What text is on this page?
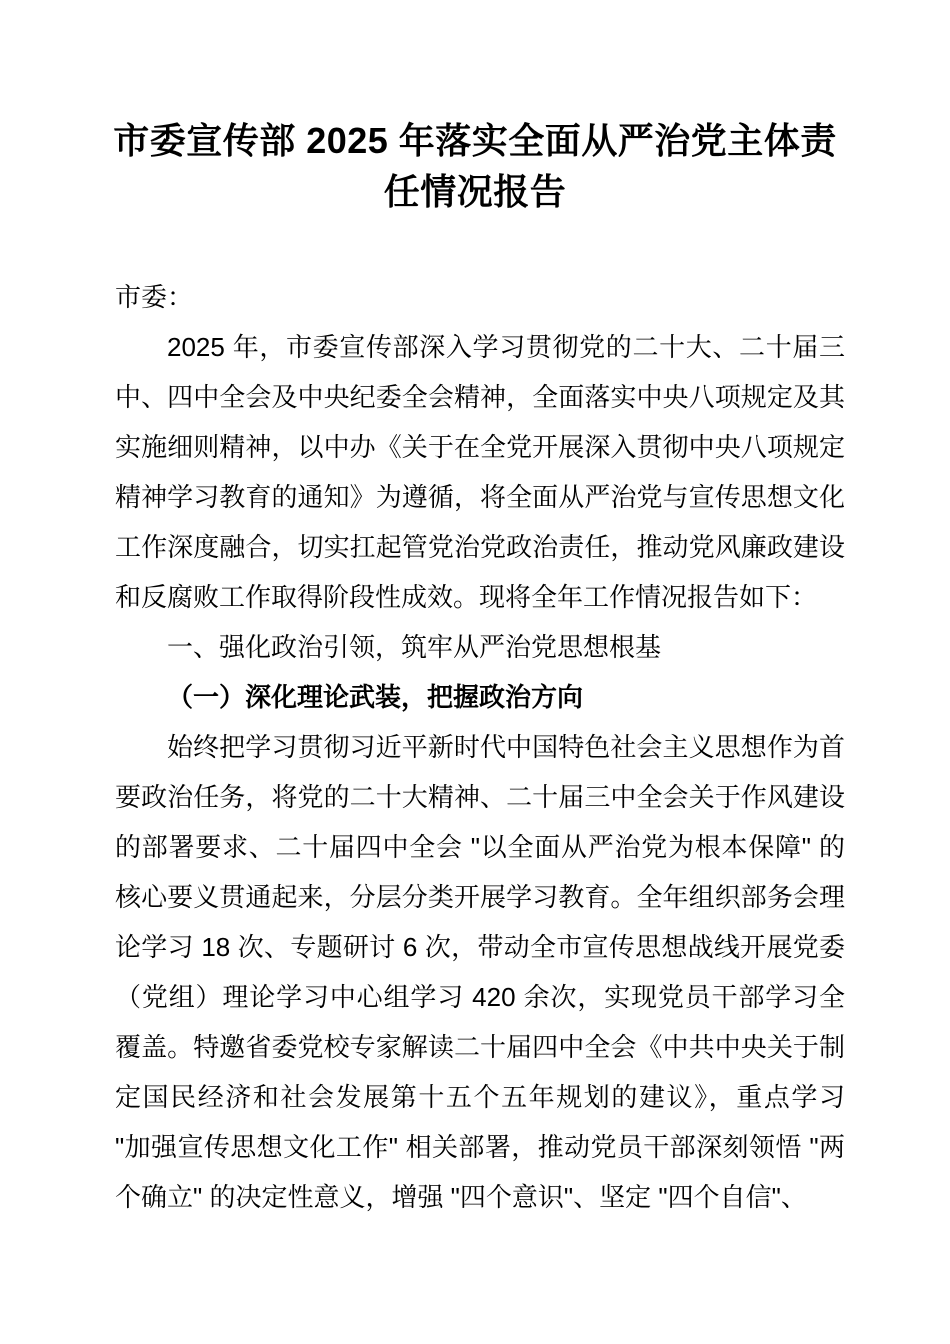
市委宣传部 2025 年落实全面从严治党主体责任情况报告

市委：

2025 年，市委宣传部深入学习贯彻党的二十大、二十届三中、四中全会及中央纪委全会精神，全面落实中央八项规定及其实施细则精神，以中办《关于在全党开展深入贯彻中央八项规定精神学习教育的通知》为遵循，将全面从严治党与宣传思想文化工作深度融合，切实扛起管党治党政治责任，推动党风廉政建设和反腐败工作取得阶段性成效。现将全年工作情况报告如下：

一、强化政治引领，筑牢从严治党思想根基

（一）深化理论武装，把握政治方向

始终把学习贯彻习近平新时代中国特色社会主义思想作为首要政治任务，将党的二十大精神、二十届三中全会关于作风建设的部署要求、二十届四中全会 "以全面从严治党为根本保障" 的核心要义贯通起来，分层分类开展学习教育。全年组织部务会理论学习 18 次、专题研讨 6 次，带动全市宣传思想战线开展党委（党组）理论学习中心组学习 420 余次，实现党员干部学习全覆盖。特邀省委党校专家解读二十届四中全会《中共中央关于制定国民经济和社会发展第十五个五年规划的建议》，重点学习 "加强宣传思想文化工作" 相关部署，推动党员干部深刻领悟 "两个确立" 的决定性意义，增强 "四个意识"、坚定 "四个自信"、
